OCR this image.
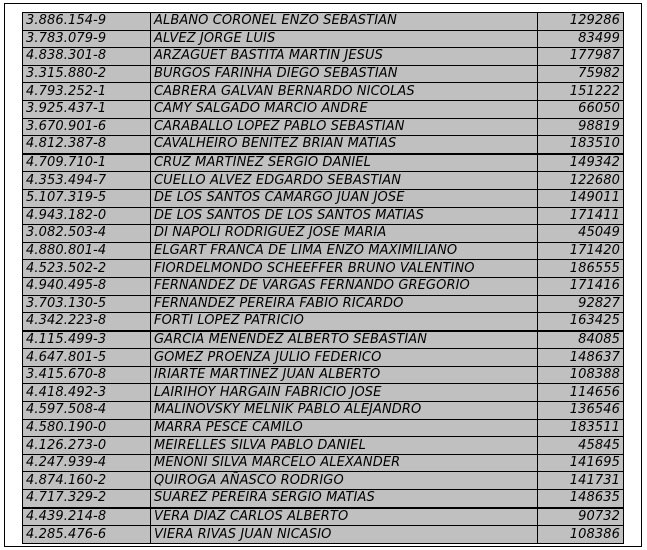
3.886.154-9	ALBANO CORONEL ENZO SEBASTIAN	129286
3.783.079-9	ALVEZ JORGE LUIS	83499
4.838.301-8	ARZAGUET BASTITA MARTIN JESUS	177987
3.315.880-2	BURGOS FARINHA DIEGO SEBASTIAN	75982
4.793.252-1	CABRERA GALVAN BERNARDO NICOLAS	151222
3.925.437-1	CAMY SALGADO MARCIO ANDRE	66050
3.670.901-6	CARABALLO LOPEZ PABLO SEBASTIAN	98819
4.812.387-8	CAVALHEIRO BENITEZ BRIAN MATIAS	183510
4.709.710-1	CRUZ MARTINEZ SERGIO DANIEL	149342
4.353.494-7	CUELLO ALVEZ EDGARDO SEBASTIAN	122680
5.107.319-5	DE LOS SANTOS CAMARGO JUAN JOSE	149011
4.943.182-0	DE LOS SANTOS DE LOS SANTOS MATIAS	171411
3.082.503-4	DI NAPOLI RODRIGUEZ JOSE MARIA	45049
4.880.801-4	ELGART FRANCA DE LIMA ENZO MAXIMILIANO	171420
4.523.502-2	FIORDELMONDO SCHEEFFER BRUNO VALENTINO	186555
4.940.495-8	FERNANDEZ DE VARGAS FERNANDO GREGORIO	171416
3.703.130-5	FERNANDEZ PEREIRA FABIO RICARDO	92827
4.342.223-8	FORTI LOPEZ PATRICIO	163425
4.115.499-3	GARCIA MENENDEZ ALBERTO SEBASTIAN	84085
4.647.801-5	GOMEZ PROENZA JULIO FEDERICO	148637
3.415.670-8	IRIARTE MARTINEZ JUAN ALBERTO	108388
4.418.492-3	LAIRIHOY HARGAIN FABRICIO JOSE	114656
4.597.508-4	MALINOVSKY MELNIK PABLO ALEJANDRO	136546
4.580.190-0	MARRA PESCE CAMILO	183511
4.126.273-0	MEIRELLES SILVA PABLO DANIEL	45845
4.247.939-4	MENONI SILVA MARCELO ALEXANDER	141695
4.874.160-2	QUIROGA AÑASCO RODRIGO	141731
4.717.329-2	SUAREZ PEREIRA SERGIO MATIAS	148635
4.439.214-8	VERA DIAZ CARLOS ALBERTO	90732
4.285.476-6	VIERA RIVAS JUAN NICASIO	108386
